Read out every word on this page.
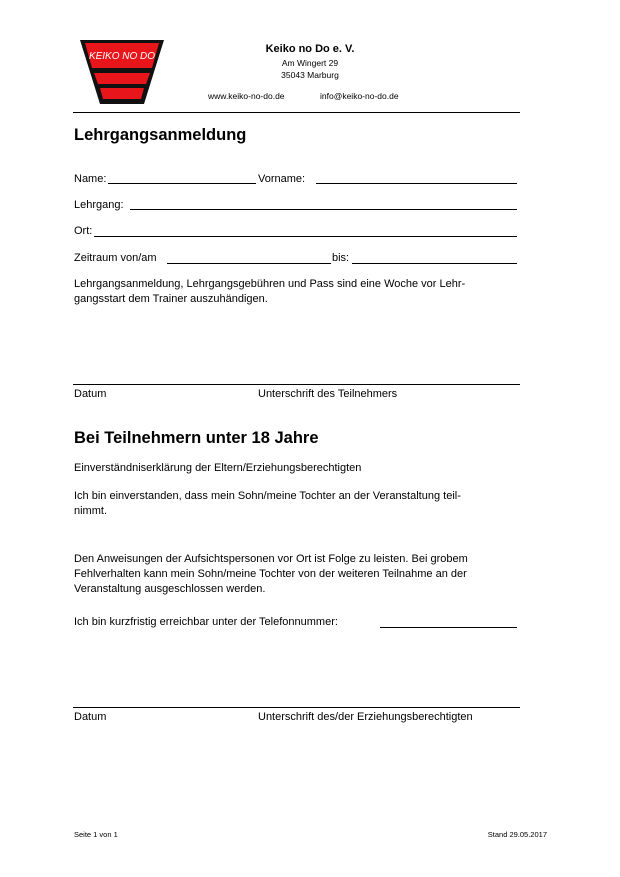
KEIKO NO DO
Keiko no Do e. V.
Am Wingert 29
35043 Marburg
www.keiko-no-do.de	info@keiko-no-do.de
Lehrgangsanmeldung
Name:	Vorname:
Lehrgang:
Ort:
Zeitraum von/am	bis:
Lehrgangsanmeldung, Lehrgangsgebühren und Pass sind eine Woche vor Lehr-
gangsstart dem Trainer auszuhändigen.
Datum	Unterschrift des Teilnehmers
Bei Teilnehmern unter 18 Jahre
Einverständniserklärung der Eltern/Erziehungsberechtigten
Ich bin einverstanden, dass mein Sohn/meine Tochter an der Veranstaltung teil-
nimmt.
Den Anweisungen der Aufsichtspersonen vor Ort ist Folge zu leisten. Bei grobem
Fehlverhalten kann mein Sohn/meine Tochter von der weiteren Teilnahme an der
Veranstaltung ausgeschlossen werden.
Ich bin kurzfristig erreichbar unter der Telefonnummer:
Datum	Unterschrift des/der Erziehungsberechtigten
Seite 1 von 1	Stand 29.05.2017
